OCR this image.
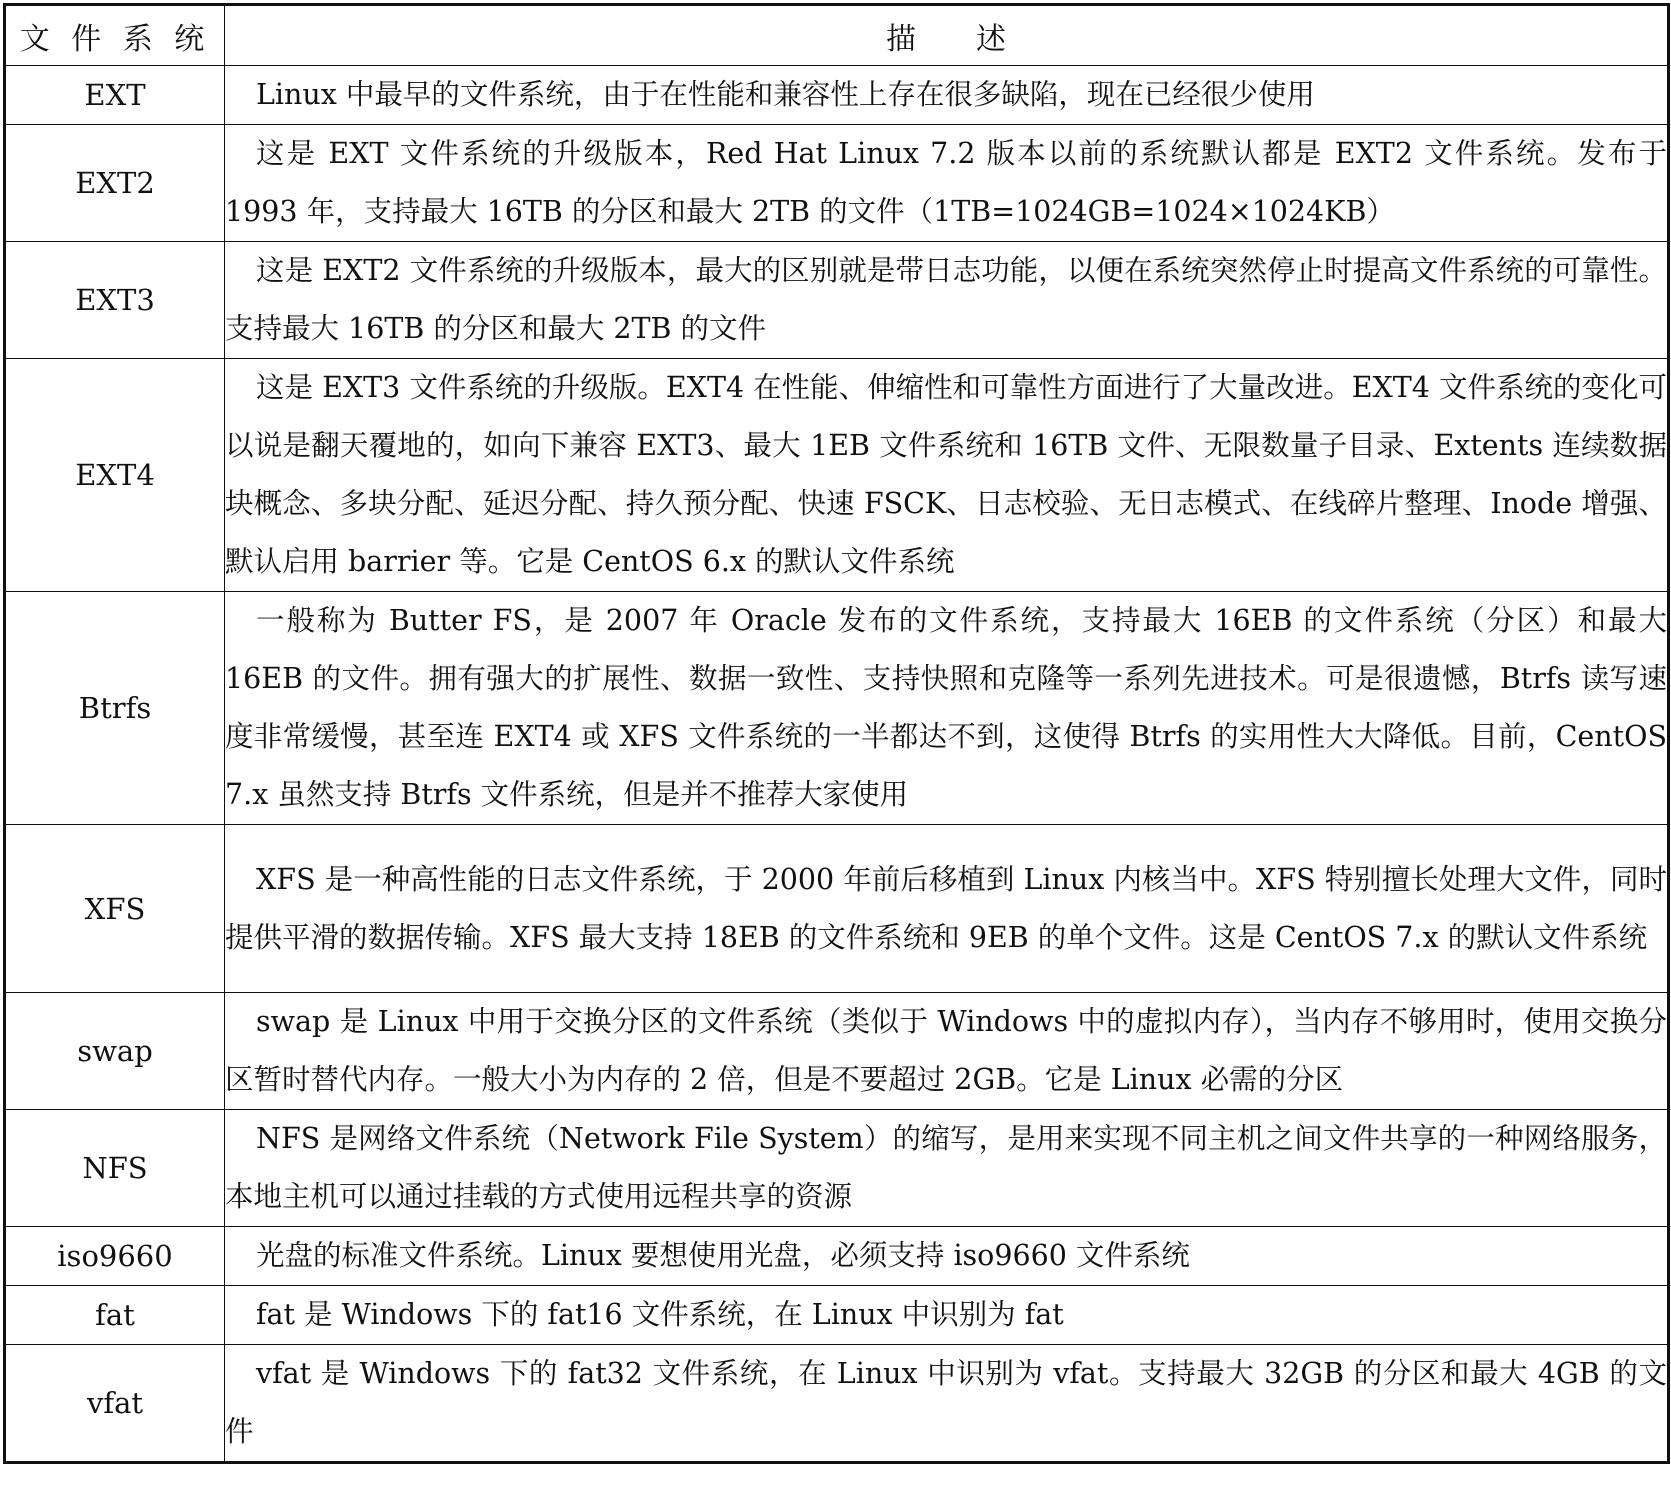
文 件 系 统	描述
EXT	Linux 中最早的文件系统，由于在性能和兼容性上存在很多缺陷，现在已经很少使用
EXT2	这是 EXT 文件系统的升级版本，Red Hat Linux 7.2 版本以前的系统默认都是 EXT2 文件系统。发布于 1993 年，支持最大 16TB 的分区和最大 2TB 的文件（1TB=1024GB=1024×1024KB）
EXT3	这是 EXT2 文件系统的升级版本，最大的区别就是带日志功能，以便在系统突然停止时提高文件系统的可靠性。支持最大 16TB 的分区和最大 2TB 的文件
EXT4	这是 EXT3 文件系统的升级版。EXT4 在性能、伸缩性和可靠性方面进行了大量改进。EXT4 文件系统的变化可以说是翻天覆地的，如向下兼容 EXT3、最大 1EB 文件系统和 16TB 文件、无限数量子目录、Extents 连续数据块概念、多块分配、延迟分配、持久预分配、快速 FSCK、日志校验、无日志模式、在线碎片整理、Inode 增强、默认启用 barrier 等。它是 CentOS 6.x 的默认文件系统
Btrfs	一般称为 Butter FS，是 2007 年 Oracle 发布的文件系统，支持最大 16EB 的文件系统（分区）和最大 16EB 的文件。拥有强大的扩展性、数据一致性、支持快照和克隆等一系列先进技术。可是很遗憾，Btrfs 读写速度非常缓慢，甚至连 EXT4 或 XFS 文件系统的一半都达不到，这使得 Btrfs 的实用性大大降低。目前，CentOS 7.x 虽然支持 Btrfs 文件系统，但是并不推荐大家使用
XFS	XFS 是一种高性能的日志文件系统，于 2000 年前后移植到 Linux 内核当中。XFS 特别擅长处理大文件，同时提供平滑的数据传输。XFS 最大支持 18EB 的文件系统和 9EB 的单个文件。这是 CentOS 7.x 的默认文件系统
swap	swap 是 Linux 中用于交换分区的文件系统（类似于 Windows 中的虚拟内存），当内存不够用时，使用交换分区暂时替代内存。一般大小为内存的 2 倍，但是不要超过 2GB。它是 Linux 必需的分区
NFS	NFS 是网络文件系统（Network File System）的缩写，是用来实现不同主机之间文件共享的一种网络服务，本地主机可以通过挂载的方式使用远程共享的资源
iso9660	光盘的标准文件系统。Linux 要想使用光盘，必须支持 iso9660 文件系统
fat	fat 是 Windows 下的 fat16 文件系统，在 Linux 中识别为 fat
vfat	vfat 是 Windows 下的 fat32 文件系统，在 Linux 中识别为 vfat。支持最大 32GB 的分区和最大 4GB 的文件
